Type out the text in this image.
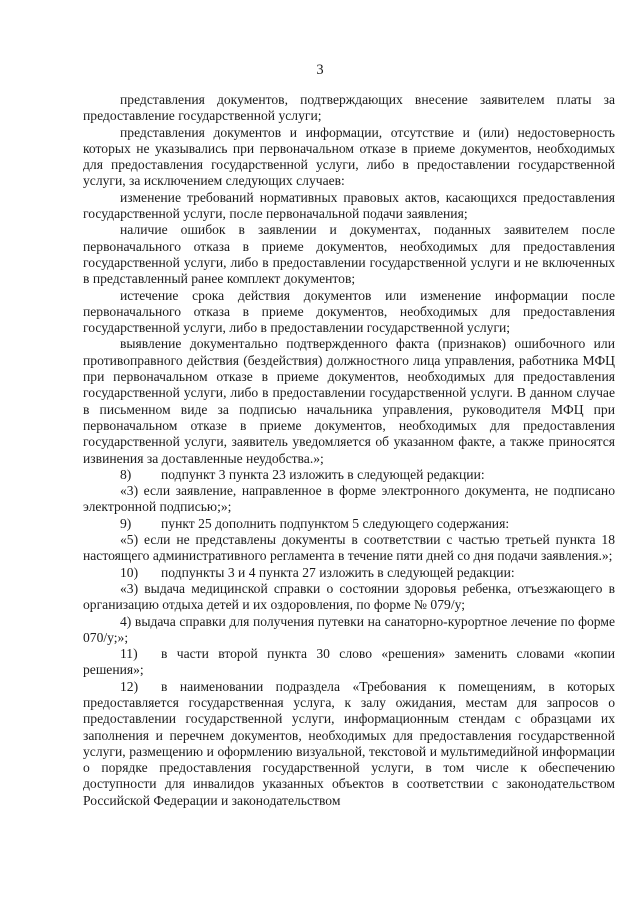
3

представления документов, подтверждающих внесение заявителем платы за предоставление государственной услуги;

представления документов и информации, отсутствие и (или) недостоверность которых не указывались при первоначальном отказе в приеме документов, необходимых для предоставления государственной услуги, либо в предоставлении государственной услуги, за исключением следующих случаев:

изменение требований нормативных правовых актов, касающихся предоставления государственной услуги, после первоначальной подачи заявления;

наличие ошибок в заявлении и документах, поданных заявителем после первоначального отказа в приеме документов, необходимых для предоставления государственной услуги, либо в предоставлении государственной услуги и не включенных в представленный ранее комплект документов;

истечение срока действия документов или изменение информации после первоначального отказа в приеме документов, необходимых для предоставления государственной услуги, либо в предоставлении государственной услуги;

выявление документально подтвержденного факта (признаков) ошибочного или противоправного действия (бездействия) должностного лица управления, работника МФЦ при первоначальном отказе в приеме документов, необходимых для предоставления государственной услуги, либо в предоставлении государственной услуги. В данном случае в письменном виде за подписью начальника управления, руководителя МФЦ при первоначальном отказе в приеме документов, необходимых для предоставления государственной услуги, заявитель уведомляется об указанном факте, а также приносятся извинения за доставленные неудобства.»;

8) подпункт 3 пункта 23 изложить в следующей редакции:

«3) если заявление, направленное в форме электронного документа, не подписано электронной подписью;»;

9) пункт 25 дополнить подпунктом 5 следующего содержания:

«5) если не представлены документы в соответствии с частью третьей пункта 18 настоящего административного регламента в течение пяти дней со дня подачи заявления.»;

10) подпункты 3 и 4 пункта 27 изложить в следующей редакции:

«3) выдача медицинской справки о состоянии здоровья ребенка, отъезжающего в организацию отдыха детей и их оздоровления, по форме № 079/у;

4) выдача справки для получения путевки на санаторно-курортное лечение по форме 070/у;»;

11) в части второй пункта 30 слово «решения» заменить словами «копии решения»;

12) в наименовании подраздела «Требования к помещениям, в которых предоставляется государственная услуга, к залу ожидания, местам для запросов о предоставлении государственной услуги, информационным стендам с образцами их заполнения и перечнем документов, необходимых для предоставления государственной услуги, размещению и оформлению визуальной, текстовой и мультимедийной информации о порядке предоставления государственной услуги, в том числе к обеспечению доступности для инвалидов указанных объектов в соответствии с законодательством Российской Федерации и законодательством
